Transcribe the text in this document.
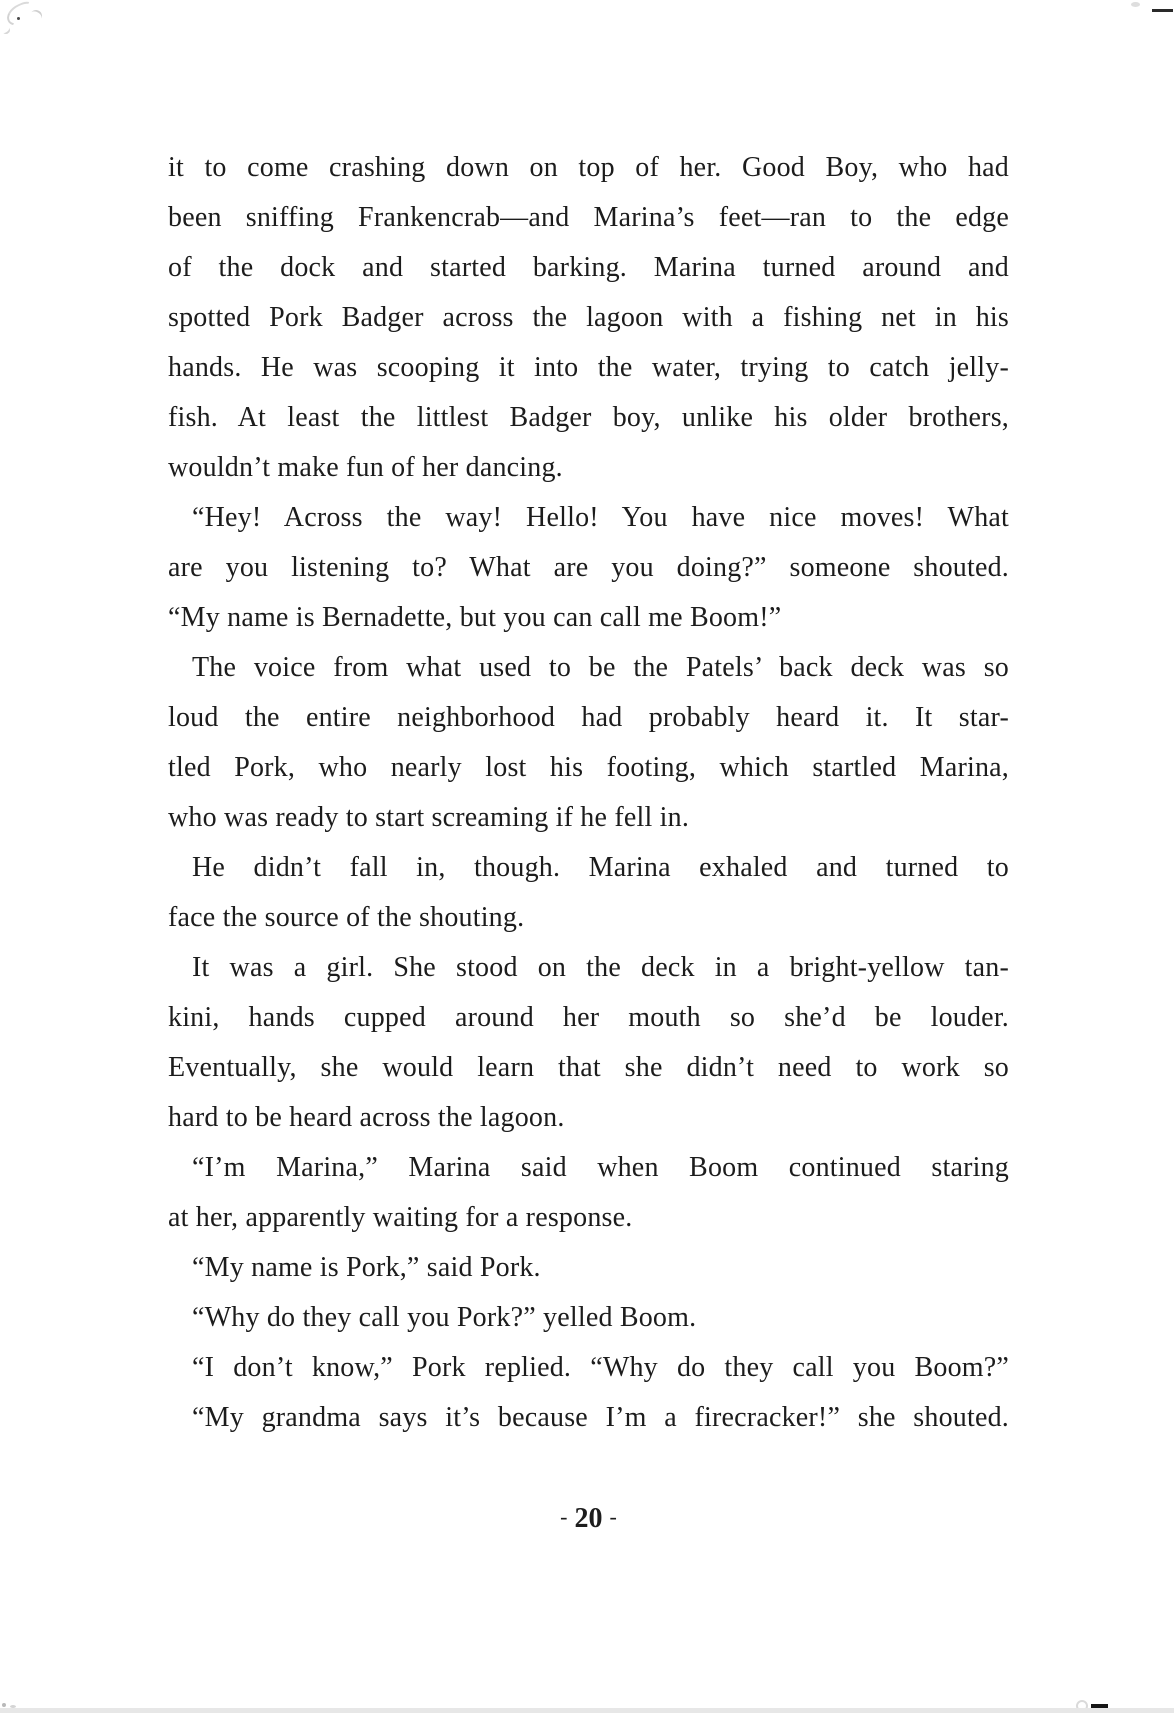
it to come crashing down on top of her. Good Boy, who had
been sniffing Frankencrab—and Marina’s feet—ran to the edge
of the dock and started barking. Marina turned around and
spotted Pork Badger across the lagoon with a fishing net in his
hands. He was scooping it into the water, trying to catch jelly-
fish. At least the littlest Badger boy, unlike his older brothers,
wouldn’t make fun of her dancing.
“Hey! Across the way! Hello! You have nice moves! What
are you listening to? What are you doing?” someone shouted.
“My name is Bernadette, but you can call me Boom!”
The voice from what used to be the Patels’ back deck was so
loud the entire neighborhood had probably heard it. It star-
tled Pork, who nearly lost his footing, which startled Marina,
who was ready to start screaming if he fell in.
He didn’t fall in, though. Marina exhaled and turned to
face the source of the shouting.
It was a girl. She stood on the deck in a bright-yellow tan-
kini, hands cupped around her mouth so she’d be louder.
Eventually, she would learn that she didn’t need to work so
hard to be heard across the lagoon.
“I’m Marina,” Marina said when Boom continued staring
at her, apparently waiting for a response.
“My name is Pork,” said Pork.
“Why do they call you Pork?” yelled Boom.
“I don’t know,” Pork replied. “Why do they call you Boom?”
“My grandma says it’s because I’m a firecracker!” she shouted.
- 20 -
